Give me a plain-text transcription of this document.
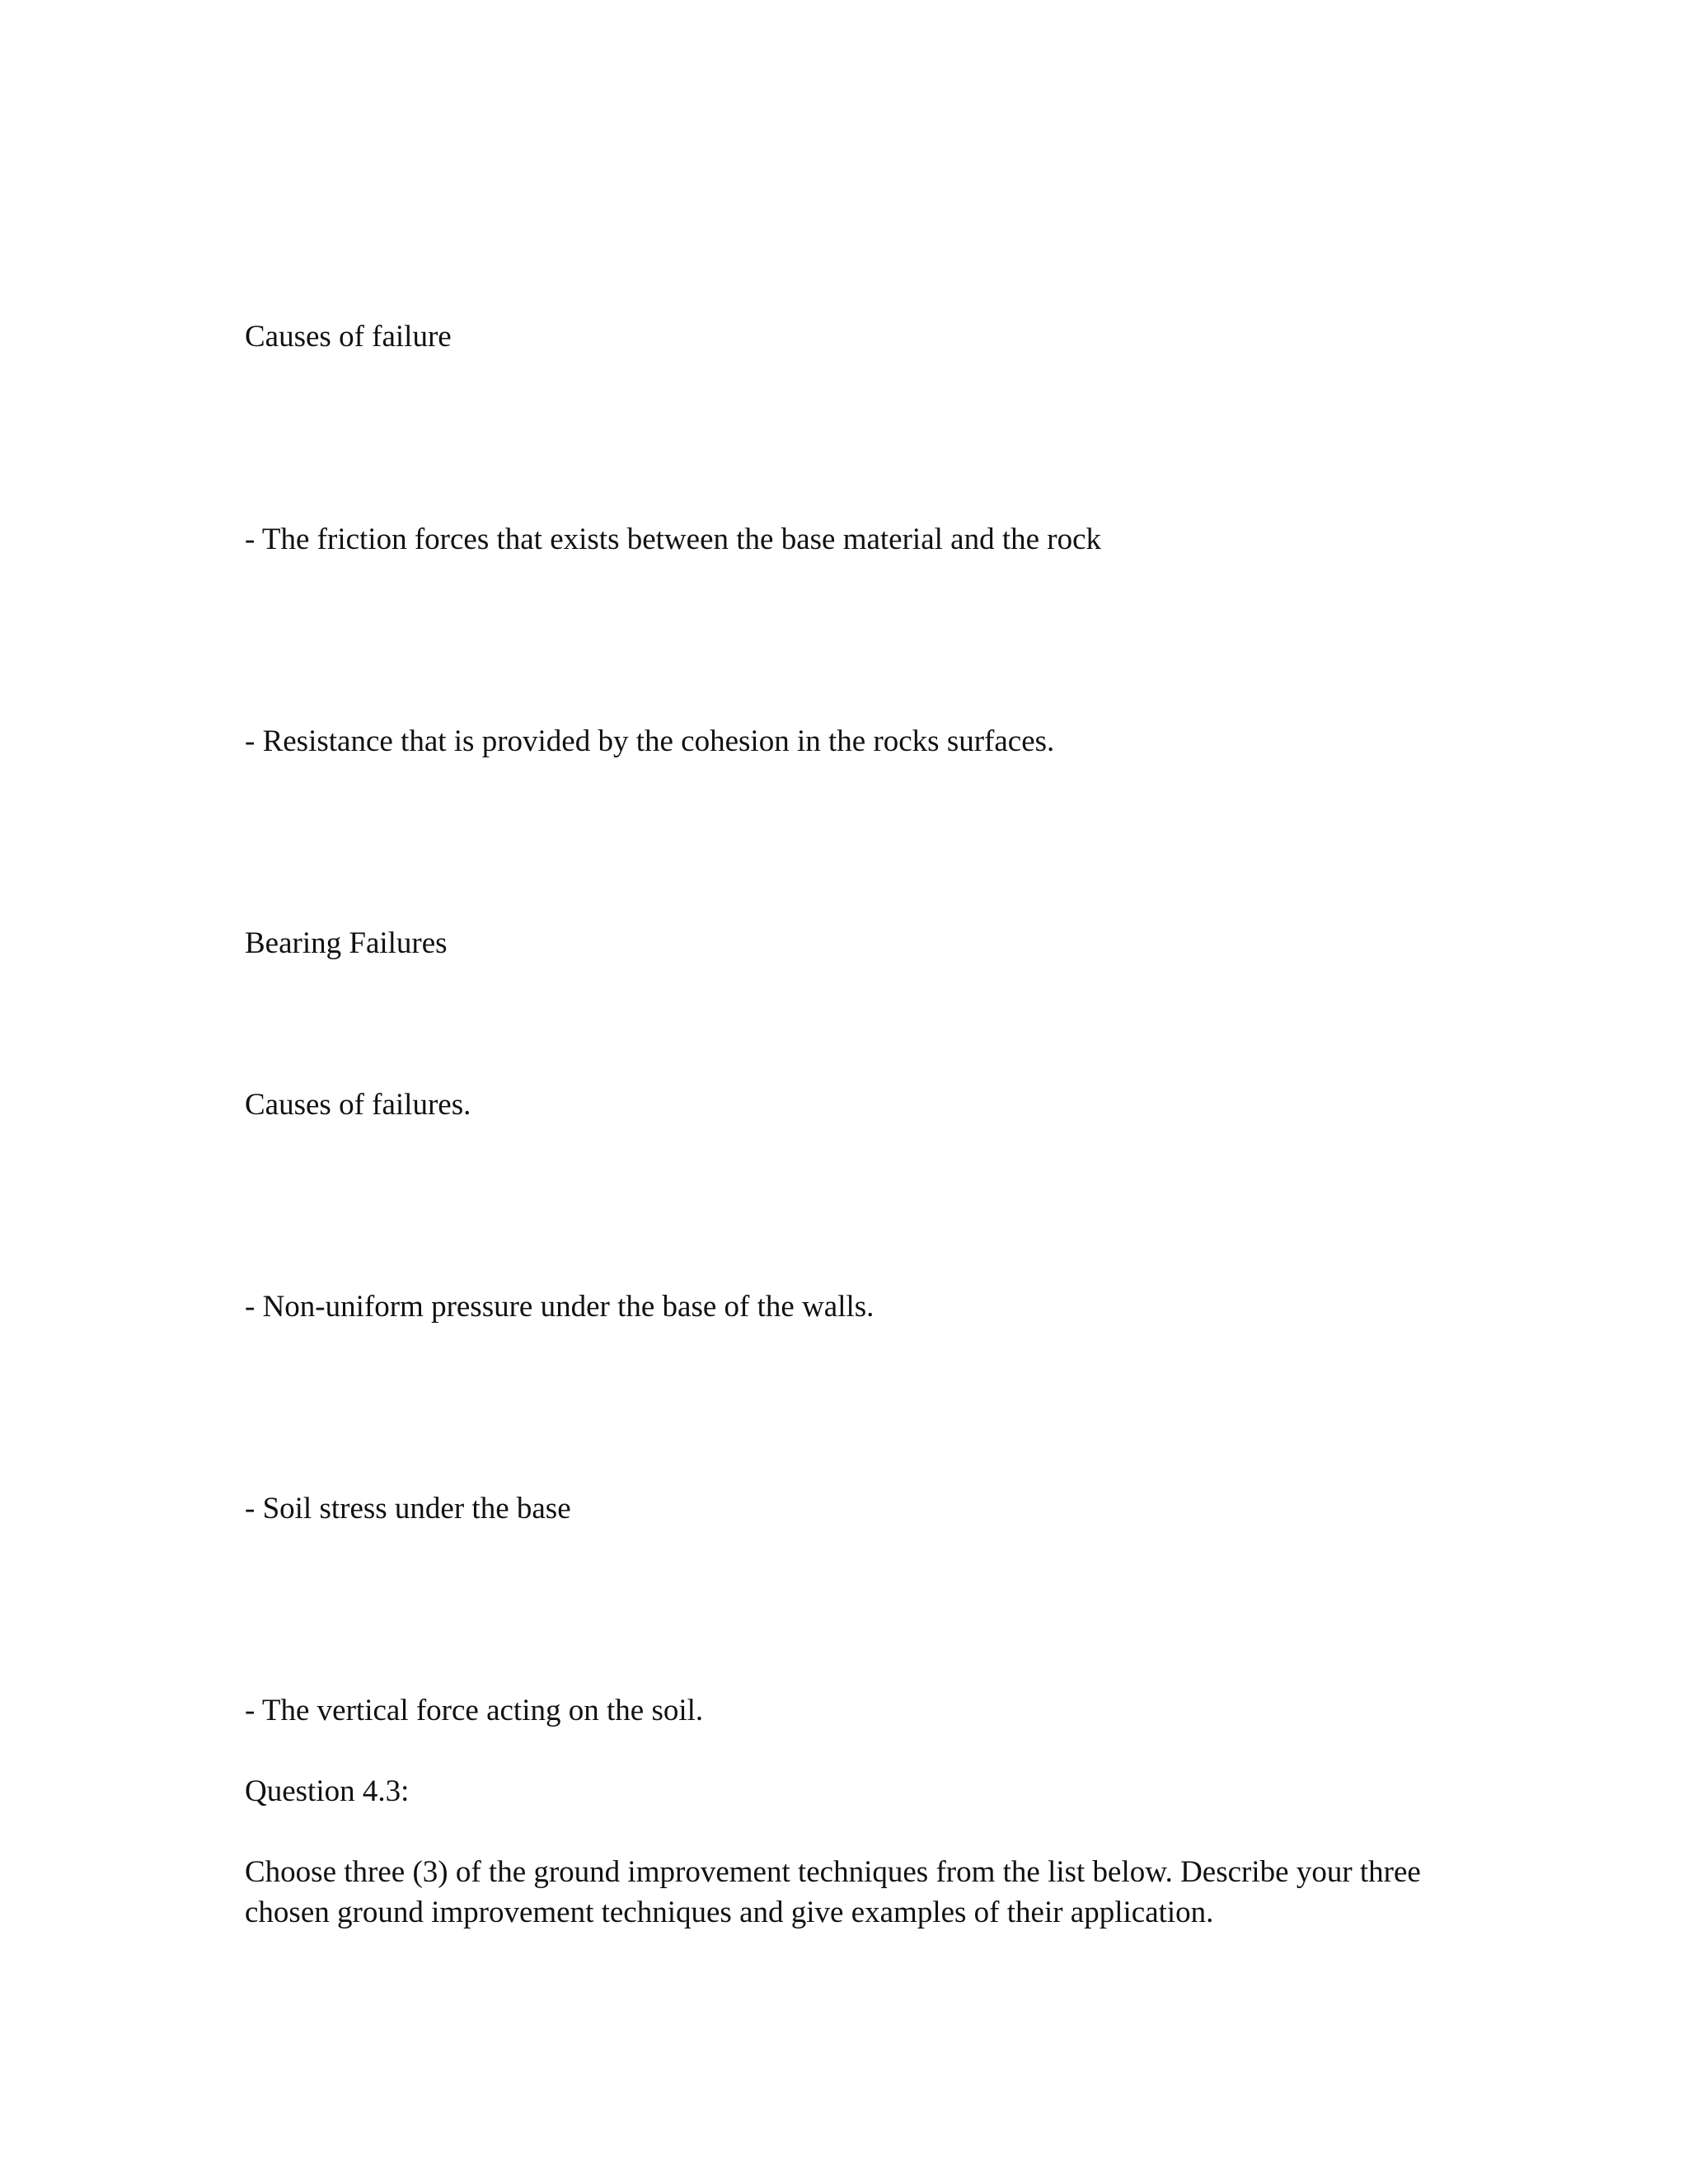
Causes of failure

- The friction forces that exists between the base material and the rock

- Resistance that is provided by the cohesion in the rocks surfaces.

Bearing Failures

Causes of failures.

- Non-uniform pressure under the base of the walls.

- Soil stress under the base

- The vertical force acting on the soil.

Question 4.3:

Choose three (3) of the ground improvement techniques from the list below. Describe your three chosen ground improvement techniques and give examples of their application.
